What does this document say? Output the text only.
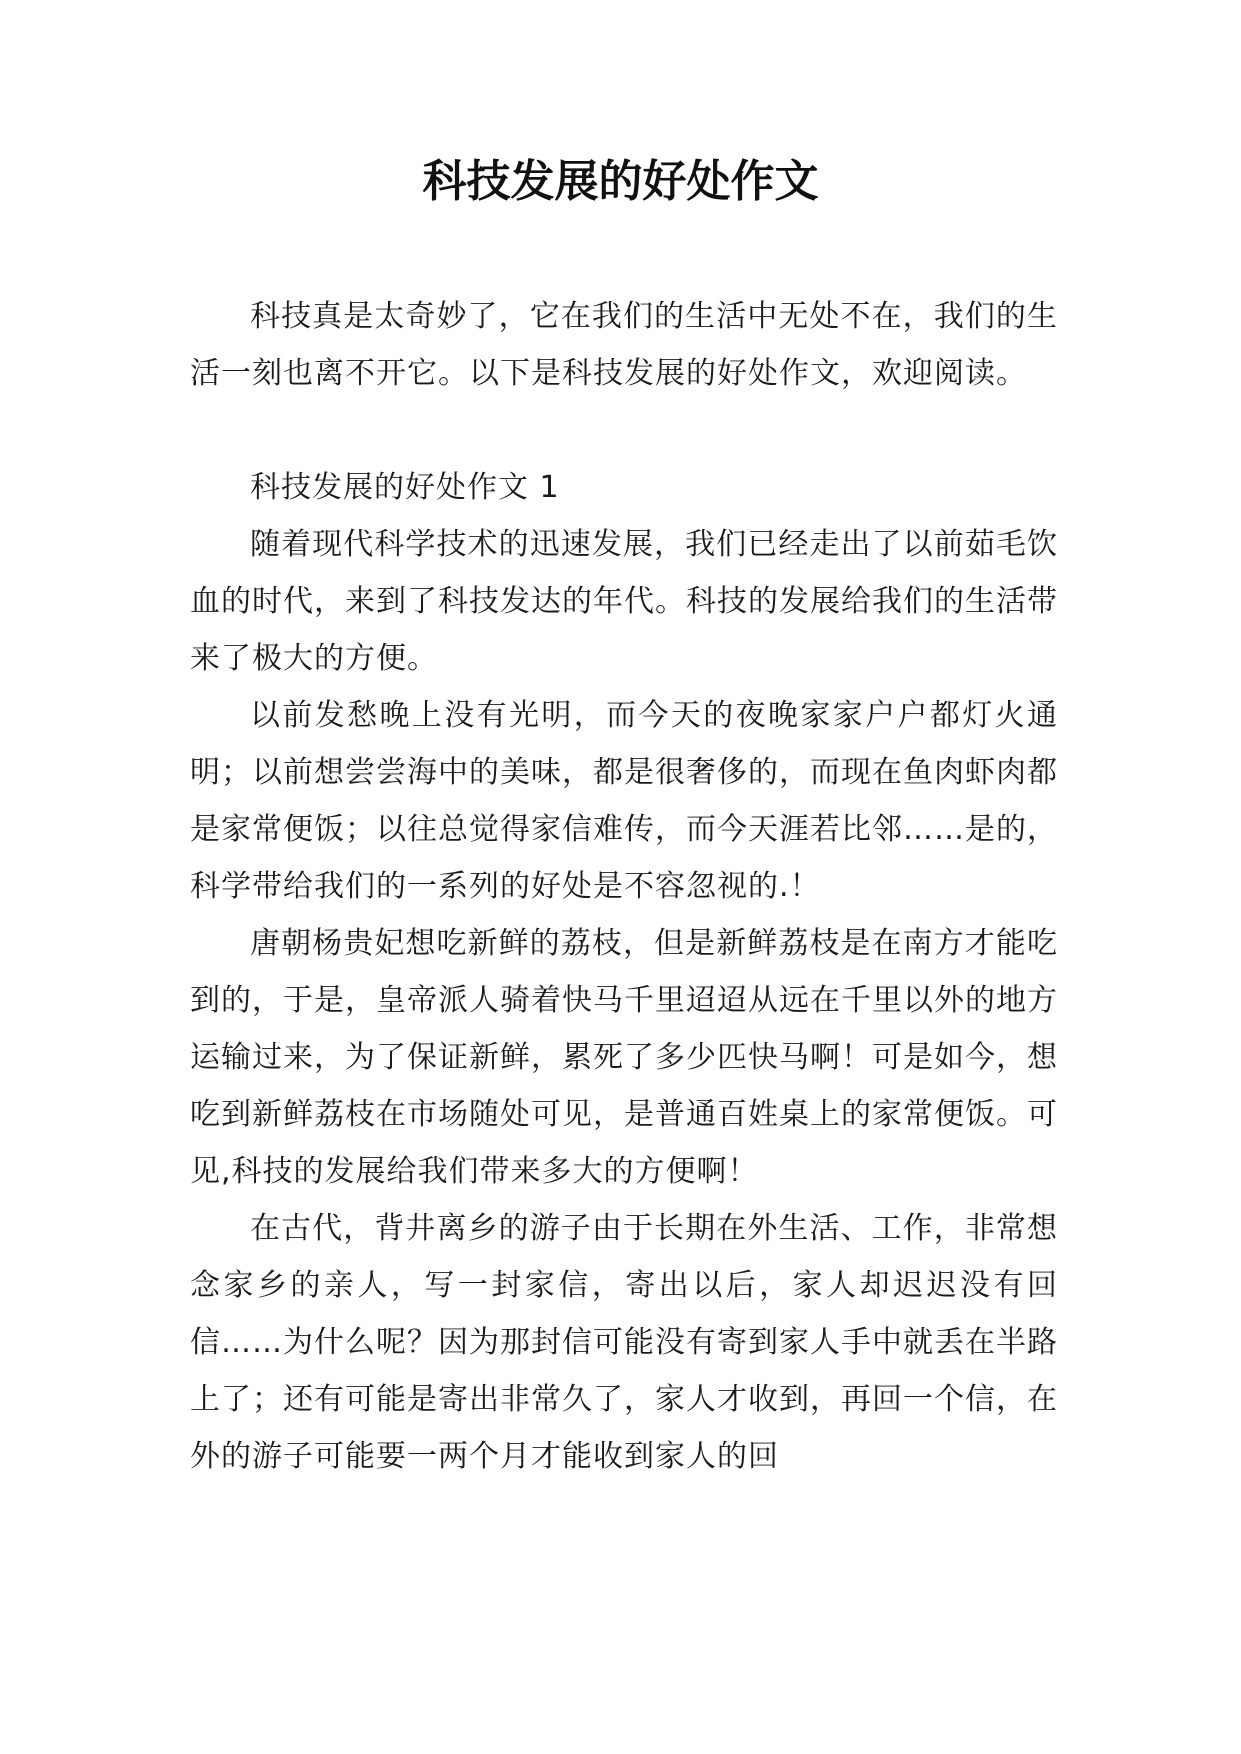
科技发展的好处作文

科技真是太奇妙了，它在我们的生活中无处不在，我们的生活一刻也离不开它。以下是科技发展的好处作文，欢迎阅读。

科技发展的好处作文 1

随着现代科学技术的迅速发展，我们已经走出了以前茹毛饮血的时代，来到了科技发达的年代。科技的发展给我们的生活带来了极大的方便。

以前发愁晚上没有光明，而今天的夜晚家家户户都灯火通明；以前想尝尝海中的美味，都是很奢侈的，而现在鱼肉虾肉都是家常便饭；以往总觉得家信难传，而今天涯若比邻……是的，科学带给我们的一系列的好处是不容忽视的.！

唐朝杨贵妃想吃新鲜的荔枝，但是新鲜荔枝是在南方才能吃到的，于是，皇帝派人骑着快马千里迢迢从远在千里以外的地方运输过来，为了保证新鲜，累死了多少匹快马啊！可是如今，想吃到新鲜荔枝在市场随处可见，是普通百姓桌上的家常便饭。可见,科技的发展给我们带来多大的方便啊！

在古代，背井离乡的游子由于长期在外生活、工作，非常想念家乡的亲人，写一封家信，寄出以后，家人却迟迟没有回信……为什么呢？因为那封信可能没有寄到家人手中就丢在半路上了；还有可能是寄出非常久了，家人才收到，再回一个信，在外的游子可能要一两个月才能收到家人的回
